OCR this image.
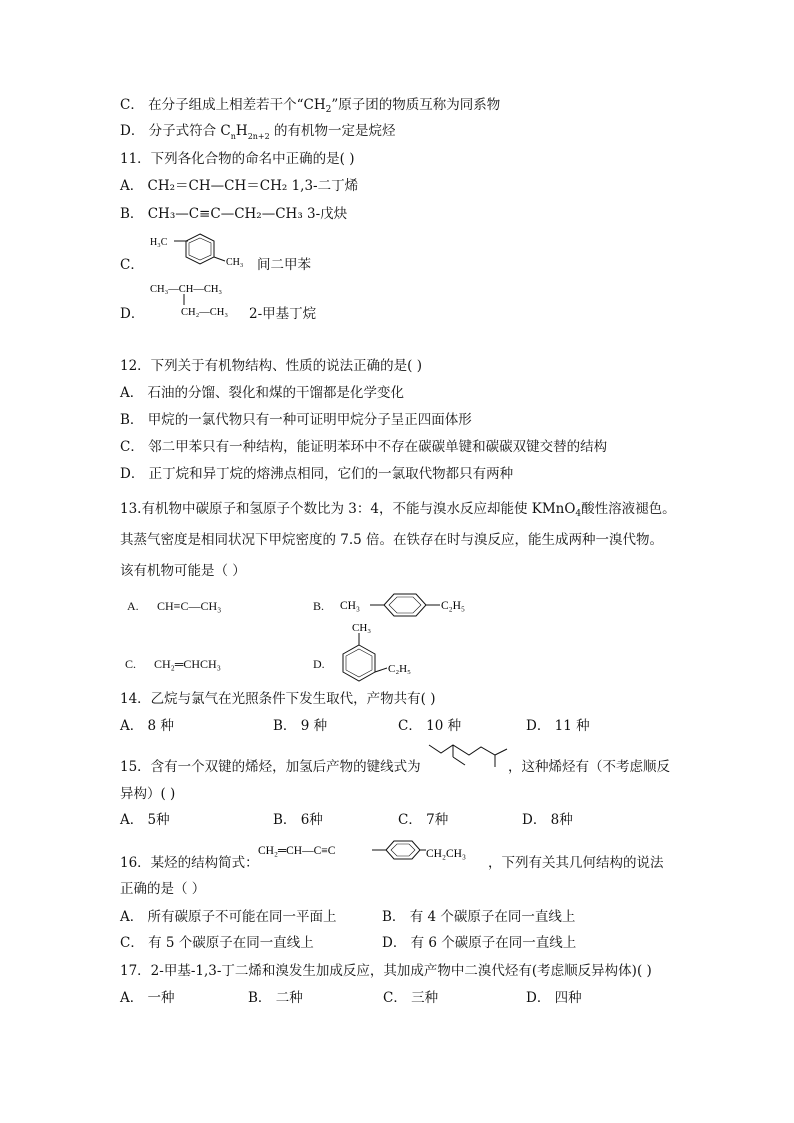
C． 在分子组成上相差若干个“$CH_2$”原子团的物质互称为同系物
D． 分子式符合 $C_nH_{2n+2}$ 的有机物一定是烷烃
11．下列各化合物的命名中正确的是( )
A． CH₂＝CH—CH＝CH₂ 1,3-二丁烯
B． CH₃—C≡C—CH₂—CH₃ 3-戊炔
C．
H₃C
CH₃ 间二甲苯
D．
CH₃—CH—CH₃
CH₂—CH₃ 2-甲基丁烷
12．下列关于有机物结构、性质的说法正确的是( )
A． 石油的分馏、裂化和煤的干馏都是化学变化
B． 甲烷的一氯代物只有一种可证明甲烷分子呈正四面体形
C． 邻二甲苯只有一种结构，能证明苯环中不存在碳碳单键和碳碳双键交替的结构
D． 正丁烷和异丁烷的熔沸点相同，它们的一氯取代物都只有两种
13.有机物中碳原子和氢原子个数比为 3：4，不能与溴水反应却能使 KMnO$_4$酸性溶液褪色。
其蒸气密度是相同状况下甲烷密度的 7.5 倍。在铁存在时与溴反应，能生成两种一溴代物。
该有机物可能是（ ）
A. CH≡C—CH₃	B. CH₃	C₂H₅
C. CH₂═CHCH₃	D.
CH₃
C₂H₅
14．乙烷与氯气在光照条件下发生取代，产物共有( )
A． 8 种	B． 9 种	C． 10 种	D． 11 种
15．含有一个双键的烯烃，加氢后产物的键线式为	，这种烯烃有（不考虑顺反
异构）( )
A． 5种	B． 6种	C． 7种	D． 8种
16．某烃的结构简式：
CH₂═CH—C≡C	CH₂CH₃
，下列有关其几何结构的说法
正确的是（ ）
A． 所有碳原子不可能在同一平面上	B． 有 4 个碳原子在同一直线上
C． 有 5 个碳原子在同一直线上	D． 有 6 个碳原子在同一直线上
17．2-甲基-1,3-丁二烯和溴发生加成反应，其加成产物中二溴代烃有(考虑顺反异构体)( )
A． 一种	B． 二种	C． 三种	D． 四种
